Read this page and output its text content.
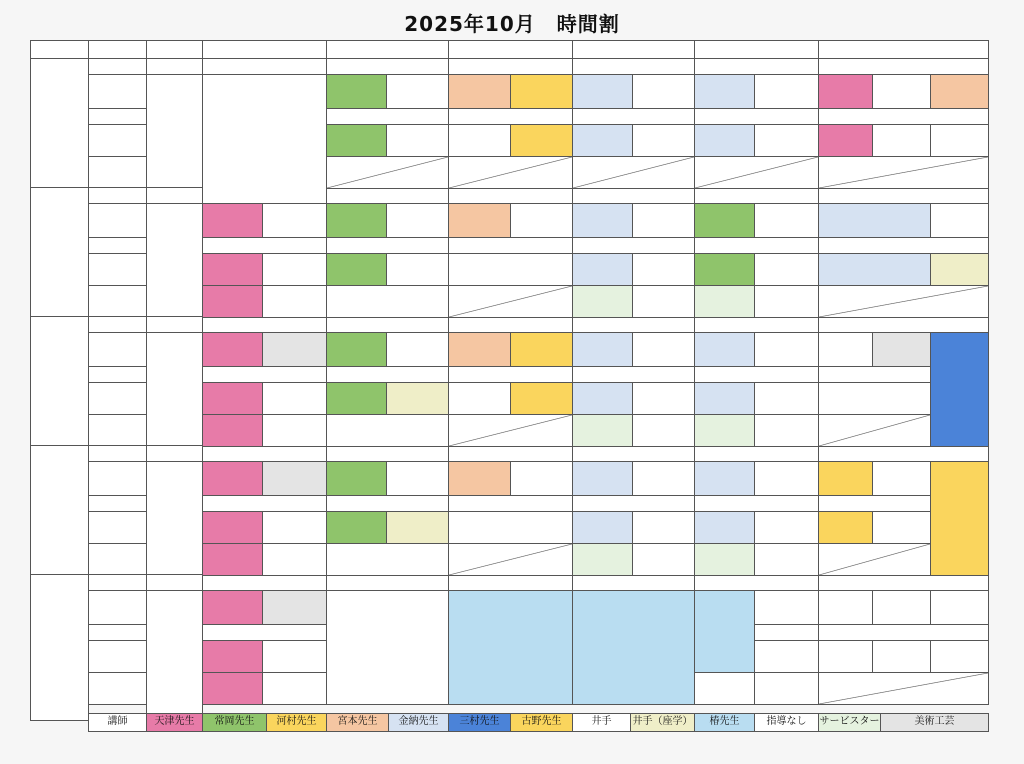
2025年10月　時間割
講師	天津先生	常岡先生	河村先生	宮本先生	金納先生	三村先生	古野先生	井手	井手（座学）	椿先生	指導なし	サービスター	美術工芸
